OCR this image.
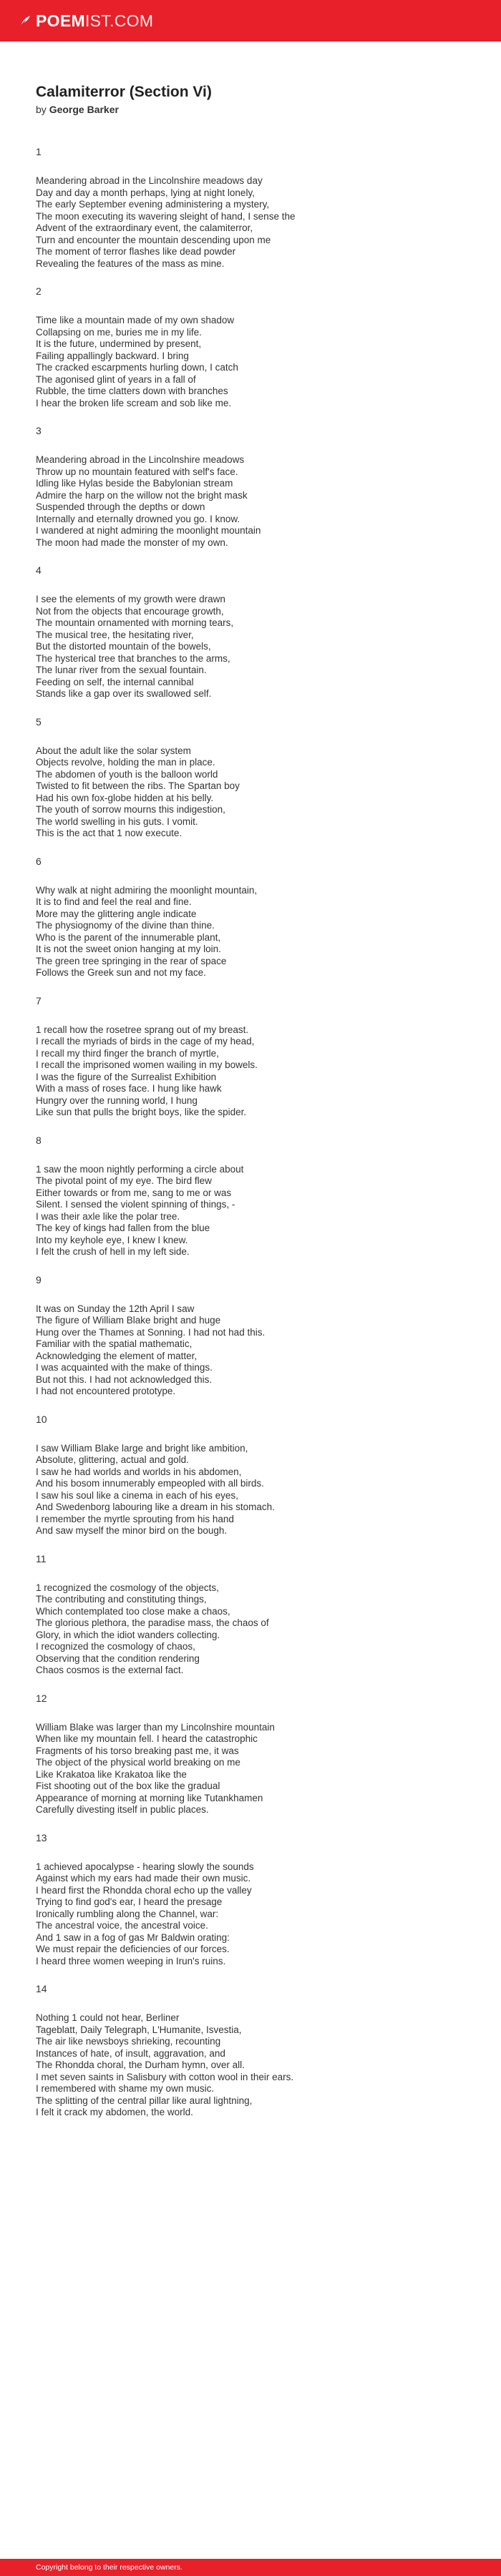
POEM IST.COM
Calamiterror (Section Vi)
by George Barker
1
Meandering abroad in the Lincolnshire meadows day
Day and day a month perhaps, lying at night lonely,
The early September evening administering a mystery,
The moon executing its wavering sleight of hand, I sense the
Advent of the extraordinary event, the calamiterror,
Turn and encounter the mountain descending upon me
The moment of terror flashes like dead powder
Revealing the features of the mass as mine.
2
Time like a mountain made of my own shadow
Collapsing on me, buries me in my life.
It is the future, undermined by present,
Failing appallingly backward. I bring
The cracked escarpments hurling down, I catch
The agonised glint of years in a fall of
Rubble, the time clatters down with branches
I hear the broken life scream and sob like me.
3
Meandering abroad in the Lincolnshire meadows
Throw up no mountain featured with self's face.
Idling like Hylas beside the Babylonian stream
Admire the harp on the willow not the bright mask
Suspended through the depths or down
Internally and eternally drowned you go. I know.
I wandered at night admiring the moonlight mountain
The moon had made the monster of my own.
4
I see the elements of my growth were drawn
Not from the objects that encourage growth,
The mountain ornamented with morning tears,
The musical tree, the hesitating river,
But the distorted mountain of the bowels,
The hysterical tree that branches to the arms,
The lunar river from the sexual fountain.
Feeding on self, the internal cannibal
Stands like a gap over its swallowed self.
5
About the adult like the solar system
Objects revolve, holding the man in place.
The abdomen of youth is the balloon world
Twisted to fit between the ribs. The Spartan boy
Had his own fox-globe hidden at his belly.
The youth of sorrow mourns this indigestion,
The world swelling in his guts. I vomit.
This is the act that 1 now execute.
6
Why walk at night admiring the moonlight mountain,
It is to find and feel the real and fine.
More may the glittering angle indicate
The physiognomy of the divine than thine.
Who is the parent of the innumerable plant,
It is not the sweet onion hanging at my loin.
The green tree springing in the rear of space
Follows the Greek sun and not my face.
7
1 recall how the rosetree sprang out of my breast.
I recall the myriads of birds in the cage of my head,
I recall my third finger the branch of myrtle,
I recall the imprisoned women wailing in my bowels.
I was the figure of the Surrealist Exhibition
With a mass of roses face. I hung like hawk
Hungry over the running world, I hung
Like sun that pulls the bright boys, like the spider.
8
1 saw the moon nightly performing a circle about
The pivotal point of my eye. The bird flew
Either towards or from me, sang to me or was
Silent. I sensed the violent spinning of things, -
I was their axle like the polar tree.
The key of kings had fallen from the blue
Into my keyhole eye, I knew I knew.
I felt the crush of hell in my left side.
9
It was on Sunday the 12th April I saw
The figure of William Blake bright and huge
Hung over the Thames at Sonning. I had not had this.
Familiar with the spatial mathematic,
Acknowledging the element of matter,
I was acquainted with the make of things.
But not this. I had not acknowledged this.
I had not encountered prototype.
10
I saw William Blake large and bright like ambition,
Absolute, glittering, actual and gold.
I saw he had worlds and worlds in his abdomen,
And his bosom innumerably empeopled with all birds.
I saw his soul like a cinema in each of his eyes,
And Swedenborg labouring like a dream in his stomach.
I remember the myrtle sprouting from his hand
And saw myself the minor bird on the bough.
11
1 recognized the cosmology of the objects,
The contributing and constituting things,
Which contemplated too close make a chaos,
The glorious plethora, the paradise mass, the chaos of
Glory, in which the idiot wanders collecting.
I recognized the cosmology of chaos,
Observing that the condition rendering
Chaos cosmos is the external fact.
12
William Blake was larger than my Lincolnshire mountain
When like my mountain fell. I heard the catastrophic
Fragments of his torso breaking past me, it was
The object of the physical world breaking on me
Like Krakatoa like Krakatoa like the
Fist shooting out of the box like the gradual
Appearance of morning at morning like Tutankhamen
Carefully divesting itself in public places.
13
1 achieved apocalypse - hearing slowly the sounds
Against which my ears had made their own music.
I heard first the Rhondda choral echo up the valley
Trying to find god's ear, I heard the presage
Ironically rumbling along the Channel, war:
The ancestral voice, the ancestral voice.
And 1 saw in a fog of gas Mr Baldwin orating:
We must repair the deficiencies of our forces.
I heard three women weeping in Irun's ruins.
14
Nothing 1 could not hear, Berliner
Tageblatt, Daily Telegraph, L'Humanite, Isvestia,
The air like newsboys shrieking, recounting
Instances of hate, of insult, aggravation, and
The Rhondda choral, the Durham hymn, over all.
I met seven saints in Salisbury with cotton wool in their ears.
I remembered with shame my own music.
The splitting of the central pillar like aural lightning,
I felt it crack my abdomen, the world.
Copyright belong to their respective owners.
